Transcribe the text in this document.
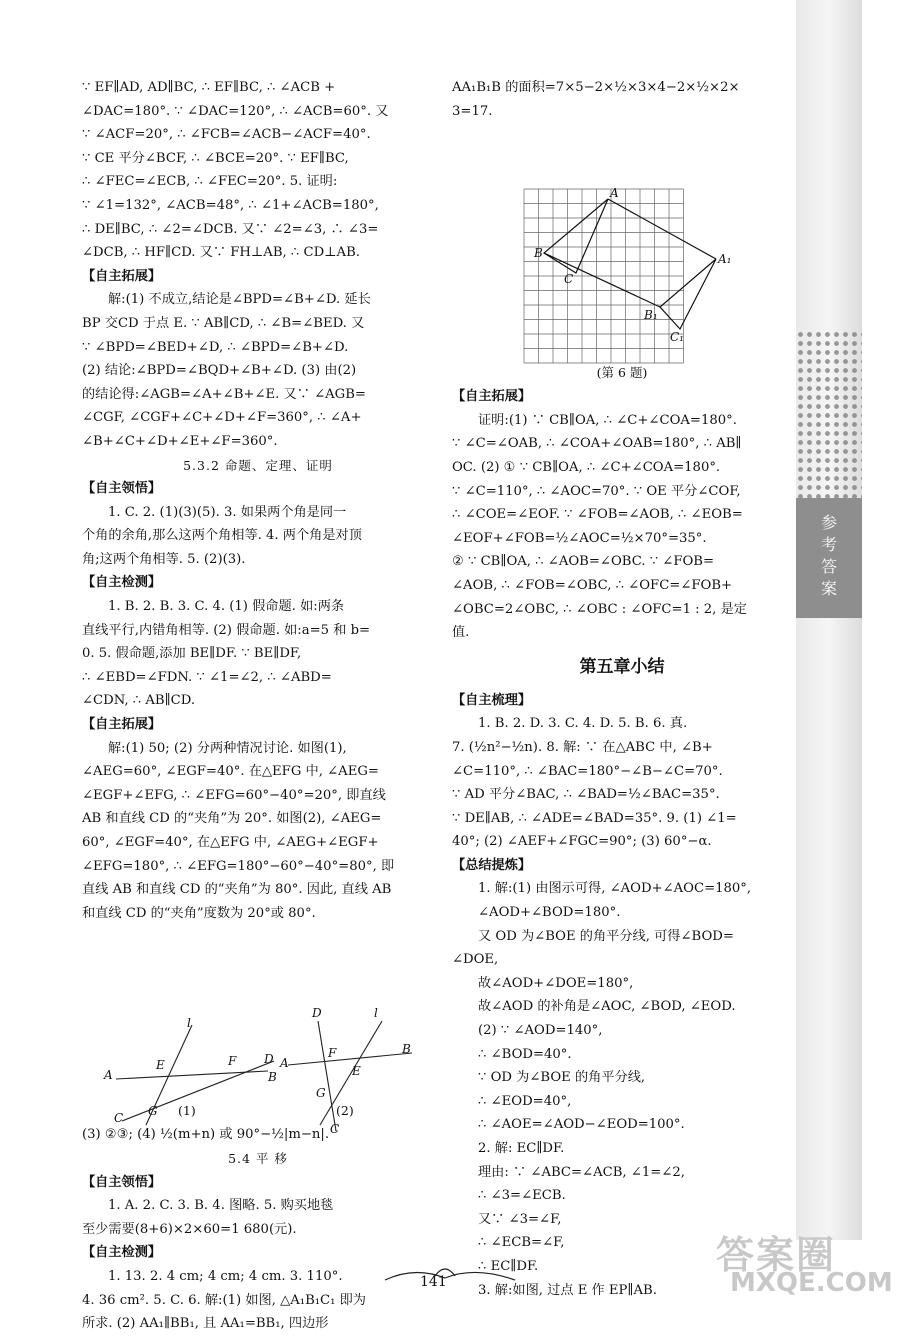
参考答案
∵ EF∥AD, AD∥BC, ∴ EF∥BC, ∴ ∠ACB +
∠DAC=180°. ∵ ∠DAC=120°, ∴ ∠ACB=60°. 又
∵ ∠ACF=20°, ∴ ∠FCB=∠ACB−∠ACF=40°.
∵ CE 平分∠BCF, ∴ ∠BCE=20°. ∵ EF∥BC,
∴ ∠FEC=∠ECB, ∴ ∠FEC=20°. 5. 证明:
∵ ∠1=132°, ∠ACB=48°, ∴ ∠1+∠ACB=180°,
∴ DE∥BC, ∴ ∠2=∠DCB. 又∵ ∠2=∠3, ∴ ∠3=
∠DCB, ∴ HF∥CD. 又∵ FH⊥AB, ∴ CD⊥AB.
【自主拓展】
解:(1) 不成立,结论是∠BPD=∠B+∠D. 延长
BP 交CD 于点 E. ∵ AB∥CD, ∴ ∠B=∠BED. 又
∵ ∠BPD=∠BED+∠D, ∴ ∠BPD=∠B+∠D.
(2) 结论:∠BPD=∠BQD+∠B+∠D. (3) 由(2)
的结论得:∠AGB=∠A+∠B+∠E. 又∵ ∠AGB=
∠CGF, ∠CGF+∠C+∠D+∠F=360°, ∴ ∠A+
∠B+∠C+∠D+∠E+∠F=360°.
5.3.2 命题、定理、证明
【自主领悟】
1. C. 2. (1)(3)(5). 3. 如果两个角是同一
个角的余角,那么这两个角相等. 4. 两个角是对顶
角;这两个角相等. 5. (2)(3).
【自主检测】
1. B. 2. B. 3. C. 4. (1) 假命题. 如:两条
直线平行,内错角相等. (2) 假命题. 如:a=5 和 b=
0. 5. 假命题,添加 BE∥DF. ∵ BE∥DF,
∴ ∠EBD=∠FDN. ∵ ∠1=∠2, ∴ ∠ABD=
∠CDN, ∴ AB∥CD.
【自主拓展】
解:(1) 50; (2) 分两种情况讨论. 如图(1),
∠AEG=60°, ∠EGF=40°. 在△EFG 中, ∠AEG=
∠EGF+∠EFG, ∴ ∠EFG=60°−40°=20°, 即直线
AB 和直线 CD 的“夹角”为 20°. 如图(2), ∠AEG=
60°, ∠EGF=40°, 在△EFG 中, ∠AEG+∠EGF+
∠EFG=180°, ∴ ∠EFG=180°−60°−40°=80°, 即
直线 AB 和直线 CD 的“夹角”为 80°. 因此, 直线 AB
和直线 CD 的“夹角”度数为 20°或 80°.
l
A
E	F D
B
C G
D	l
A
F	B
E
G
C
(1)	(2)
(3) ②③; (4) ½(m+n) 或 90°−½|m−n|.
5.4 平 移
【自主领悟】
1. A. 2. C. 3. B. 4. 图略. 5. 购买地毯
至少需要(8+6)×2×60=1 680(元).
【自主检测】
1. 13. 2. 4 cm; 4 cm; 4 cm. 3. 110°.
4. 36 cm². 5. C. 6. 解:(1) 如图, △A₁B₁C₁ 即为
所求. (2) AA₁∥BB₁, 且 AA₁=BB₁, 四边形
AA₁B₁B 的面积=7×5−2×½×3×4−2×½×2×
3=17.
A
B
C
A₁
B₁
C₁
(第 6 题)
【自主拓展】
证明:(1) ∵ CB∥OA, ∴ ∠C+∠COA=180°.
∵ ∠C=∠OAB, ∴ ∠COA+∠OAB=180°, ∴ AB∥
OC. (2) ① ∵ CB∥OA, ∴ ∠C+∠COA=180°.
∵ ∠C=110°, ∴ ∠AOC=70°. ∵ OE 平分∠COF,
∴ ∠COE=∠EOF. ∵ ∠FOB=∠AOB, ∴ ∠EOB=
∠EOF+∠FOB=½∠AOC=½×70°=35°.
② ∵ CB∥OA, ∴ ∠AOB=∠OBC. ∵ ∠FOB=
∠AOB, ∴ ∠FOB=∠OBC, ∴ ∠OFC=∠FOB+
∠OBC=2∠OBC, ∴ ∠OBC : ∠OFC=1 : 2, 是定
值.
第五章小结
【自主梳理】
1. B. 2. D. 3. C. 4. D. 5. B. 6. 真.
7. (½n²−½n). 8. 解: ∵ 在△ABC 中, ∠B+
∠C=110°, ∴ ∠BAC=180°−∠B−∠C=70°.
∵ AD 平分∠BAC, ∴ ∠BAD=½∠BAC=35°.
∵ DE∥AB, ∴ ∠ADE=∠BAD=35°. 9. (1) ∠1=
40°; (2) ∠AEF+∠FGC=90°; (3) 60°−α.
【总结提炼】
1. 解:(1) 由图示可得, ∠AOD+∠AOC=180°,
∠AOD+∠BOD=180°.
又 OD 为∠BOE 的角平分线, 可得∠BOD=
∠DOE,
故∠AOD+∠DOE=180°,
故∠AOD 的补角是∠AOC, ∠BOD, ∠EOD.
(2) ∵ ∠AOD=140°,
∴ ∠BOD=40°.
∵ OD 为∠BOE 的角平分线,
∴ ∠EOD=40°,
∴ ∠AOE=∠AOD−∠EOD=100°.
2. 解: EC∥DF.
理由: ∵ ∠ABC=∠ACB, ∠1=∠2,
∴ ∠3=∠ECB.
又∵ ∠3=∠F,
∴ ∠ECB=∠F,
∴ EC∥DF.
3. 解:如图, 过点 E 作 EP∥AB.
141
答案圈
MXQE.COM
